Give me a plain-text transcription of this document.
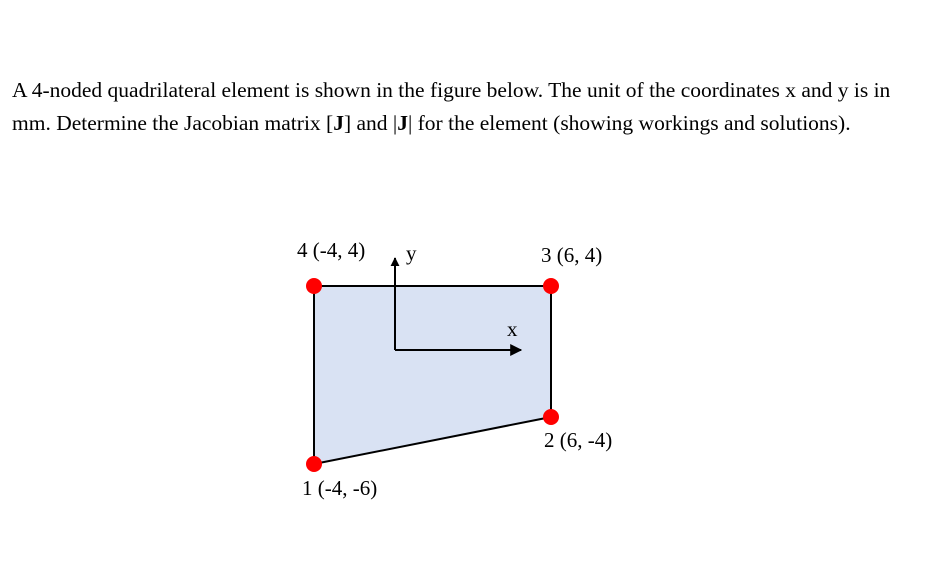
A 4-noded quadrilateral element is shown in the figure below. The unit of the coordinates x and y is in mm. Determine the Jacobian matrix [J] and |J| for the element (showing workings and solutions).

y
x
1 (-4, -6)
2 (6, -4)
3 (6, 4)
4 (-4, 4)
